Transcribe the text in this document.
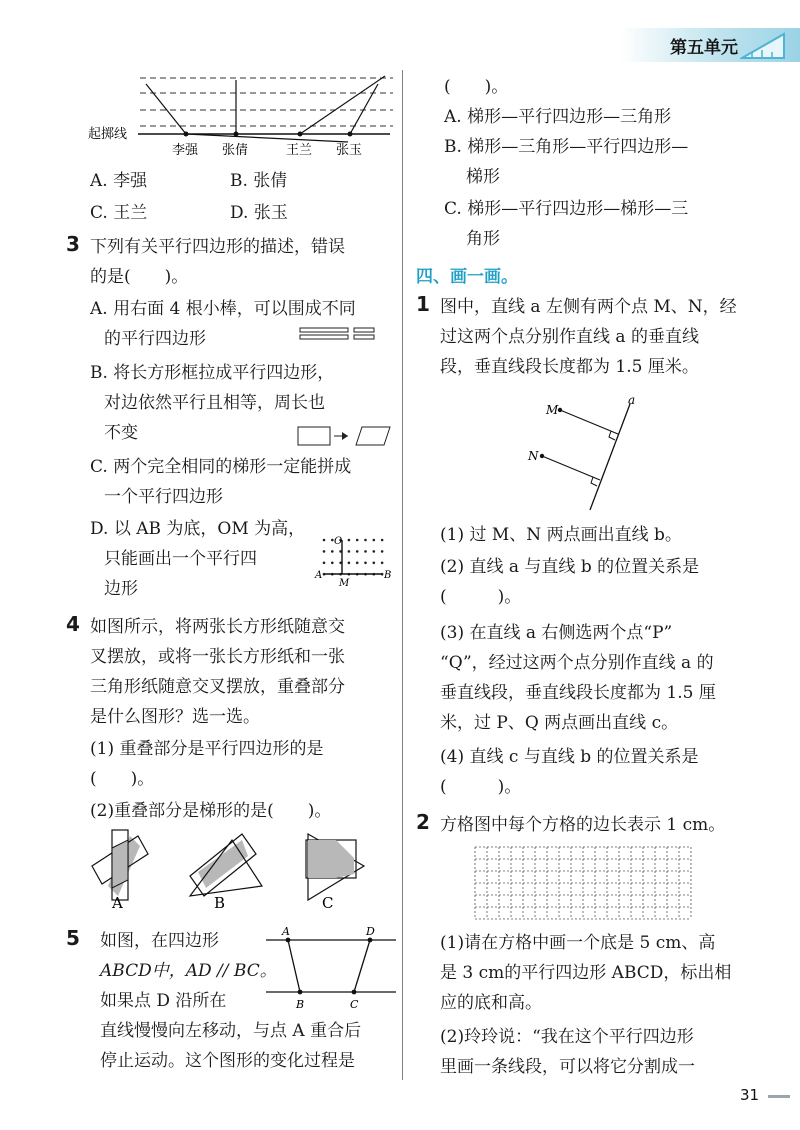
第五单元
起掷线
李强 张倩	王兰 张玉
A. 李强	B. 张倩
C. 王兰	D. 张玉
3 下列有关平行四边形的描述，错误
的是(　　)。
A. 用右面 4 根小棒，可以围成不同
的平行四边形
B. 将长方形框拉成平行四边形，
对边依然平行且相等，周长也
不变
C. 两个完全相同的梯形一定能拼成
一个平行四边形
D. 以 AB 为底，OM 为高，
只能画出一个平行四
边形
O
A
M
B
4 如图所示，将两张长方形纸随意交
叉摆放，或将一张长方形纸和一张
三角形纸随意交叉摆放，重叠部分
是什么图形？选一选。
(1) 重叠部分是平行四边形的是
(　　)。
(2)重叠部分是梯形的是(　　)。
A	B	C
5 如图，在四边形
ABCD中，AD // BC。
如果点 D 沿所在
直线慢慢向左移动，与点 A 重合后
停止运动。这个图形的变化过程是
A	D
B	C
(　　)。
A. 梯形—平行四边形—三角形
B. 梯形—三角形—平行四边形—
梯形
C. 梯形—平行四边形—梯形—三
角形
四、画一画。
1 图中，直线 a 左侧有两个点 M、N，经
过这两个点分别作直线 a 的垂直线
段，垂直线段长度都为 1.5 厘米。
M
N
a
(1) 过 M、N 两点画出直线 b。
(2) 直线 a 与直线 b 的位置关系是
(　　　)。
(3) 在直线 a 右侧选两个点“P”
“Q”，经过这两个点分别作直线 a 的
垂直线段，垂直线段长度都为 1.5 厘
米，过 P、Q 两点画出直线 c。
(4) 直线 c 与直线 b 的位置关系是
(　　　)。
2 方格图中每个方格的边长表示 1 cm。
(1)请在方格中画一个底是 5 cm、高
是 3 cm的平行四边形 ABCD，标出相
应的底和高。
(2)玲玲说：“我在这个平行四边形
里画一条线段，可以将它分割成一
31
